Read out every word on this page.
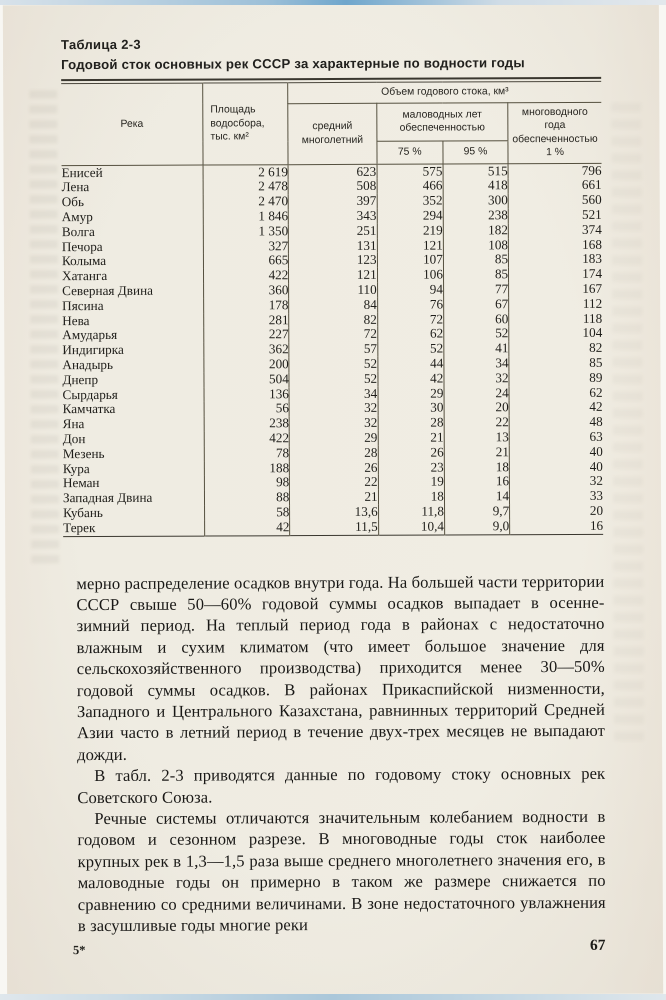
Таблица 2-3
Годовой сток основных рек СССР за характерные по водности годы
Река	Площадь водосбора, тыс. км²	Объем годового стока, км³			
		средний многолетний	маловодных лет обеспеченностью		многоводного года обеспеченностью 1 %
			75 %	95 %	
Енисей	2 619	623	575	515	796
Лена	2 478	508	466	418	661
Обь	2 470	397	352	300	560
Амур	1 846	343	294	238	521
Волга	1 350	251	219	182	374
Печора	327	131	121	108	168
Колыма	665	123	107	85	183
Хатанга	422	121	106	85	174
Северная Двина	360	110	94	77	167
Пясина	178	84	76	67	112
Нева	281	82	72	60	118
Амударья	227	72	62	52	104
Индигирка	362	57	52	41	82
Анадырь	200	52	44	34	85
Днепр	504	52	42	32	89
Сырдарья	136	34	29	24	62
Камчатка	56	32	30	20	42
Яна	238	32	28	22	48
Дон	422	29	21	13	63
Мезень	78	28	26	21	40
Кура	188	26	23	18	40
Неман	98	22	19	16	32
Западная Двина	88	21	18	14	33
Кубань	58	13,6	11,8	9,7	20
Терек	42	11,5	10,4	9,0	16

мерно распределение осадков внутри года. На большей части территории СССР свыше 50—60% годовой суммы осадков выпадает в осенне-зимний период. На теплый период года в районах с недостаточно влажным и сухим климатом (что имеет большое значение для сельскохозяйственного производства) приходится менее 30—50% годовой суммы осадков. В районах Прикаспийской низменности, Западного и Центрального Казахстана, равнинных территорий Средней Азии часто в летний период в течение двух-трех месяцев не выпадают дожди.

В табл. 2-3 приводятся данные по годовому стоку основных рек Советского Союза.

Речные системы отличаются значительным колебанием водности в годовом и сезонном разрезе. В многоводные годы сток наиболее крупных рек в 1,3—1,5 раза выше среднего многолетнего значения его, в маловодные годы он примерно в таком же размере снижается по сравнению со средними величинами. В зоне недостаточного увлажнения в засушливые годы многие реки

5*	67
